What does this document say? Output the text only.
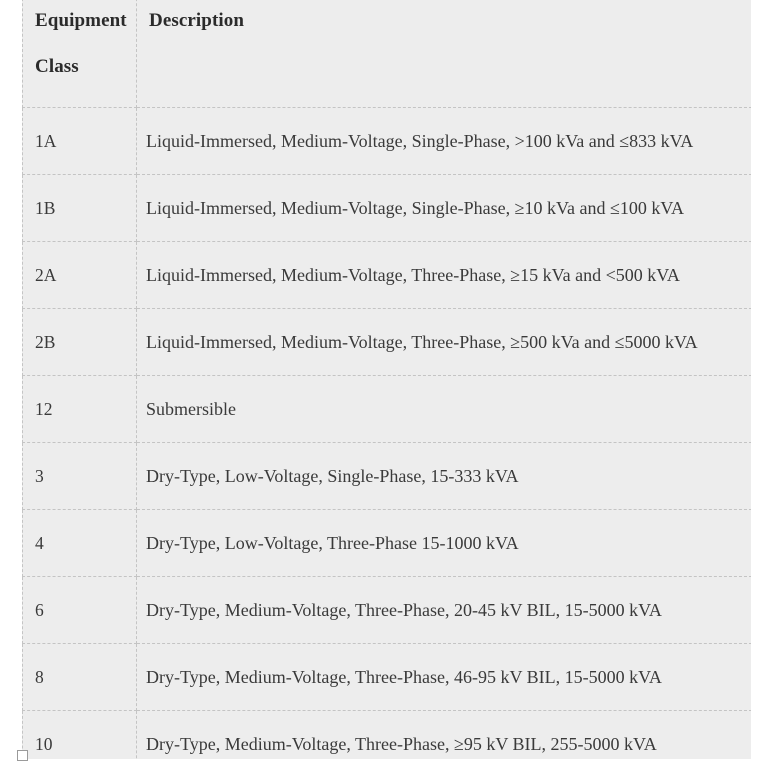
Equipment
Class	Description

1A	Liquid-Immersed, Medium-Voltage, Single-Phase, >100 kVa and ≤833 kVA
1B	Liquid-Immersed, Medium-Voltage, Single-Phase, ≥10 kVa and ≤100 kVA
2A	Liquid-Immersed, Medium-Voltage, Three-Phase, ≥15 kVa and <500 kVA
2B	Liquid-Immersed, Medium-Voltage, Three-Phase, ≥500 kVa and ≤5000 kVA
12	Submersible
3	Dry-Type, Low-Voltage, Single-Phase, 15-333 kVA
4	Dry-Type, Low-Voltage, Three-Phase 15-1000 kVA
6	Dry-Type, Medium-Voltage, Three-Phase, 20-45 kV BIL, 15-5000 kVA
8	Dry-Type, Medium-Voltage, Three-Phase, 46-95 kV BIL, 15-5000 kVA
10	Dry-Type, Medium-Voltage, Three-Phase, ≥95 kV BIL, 255-5000 kVA
